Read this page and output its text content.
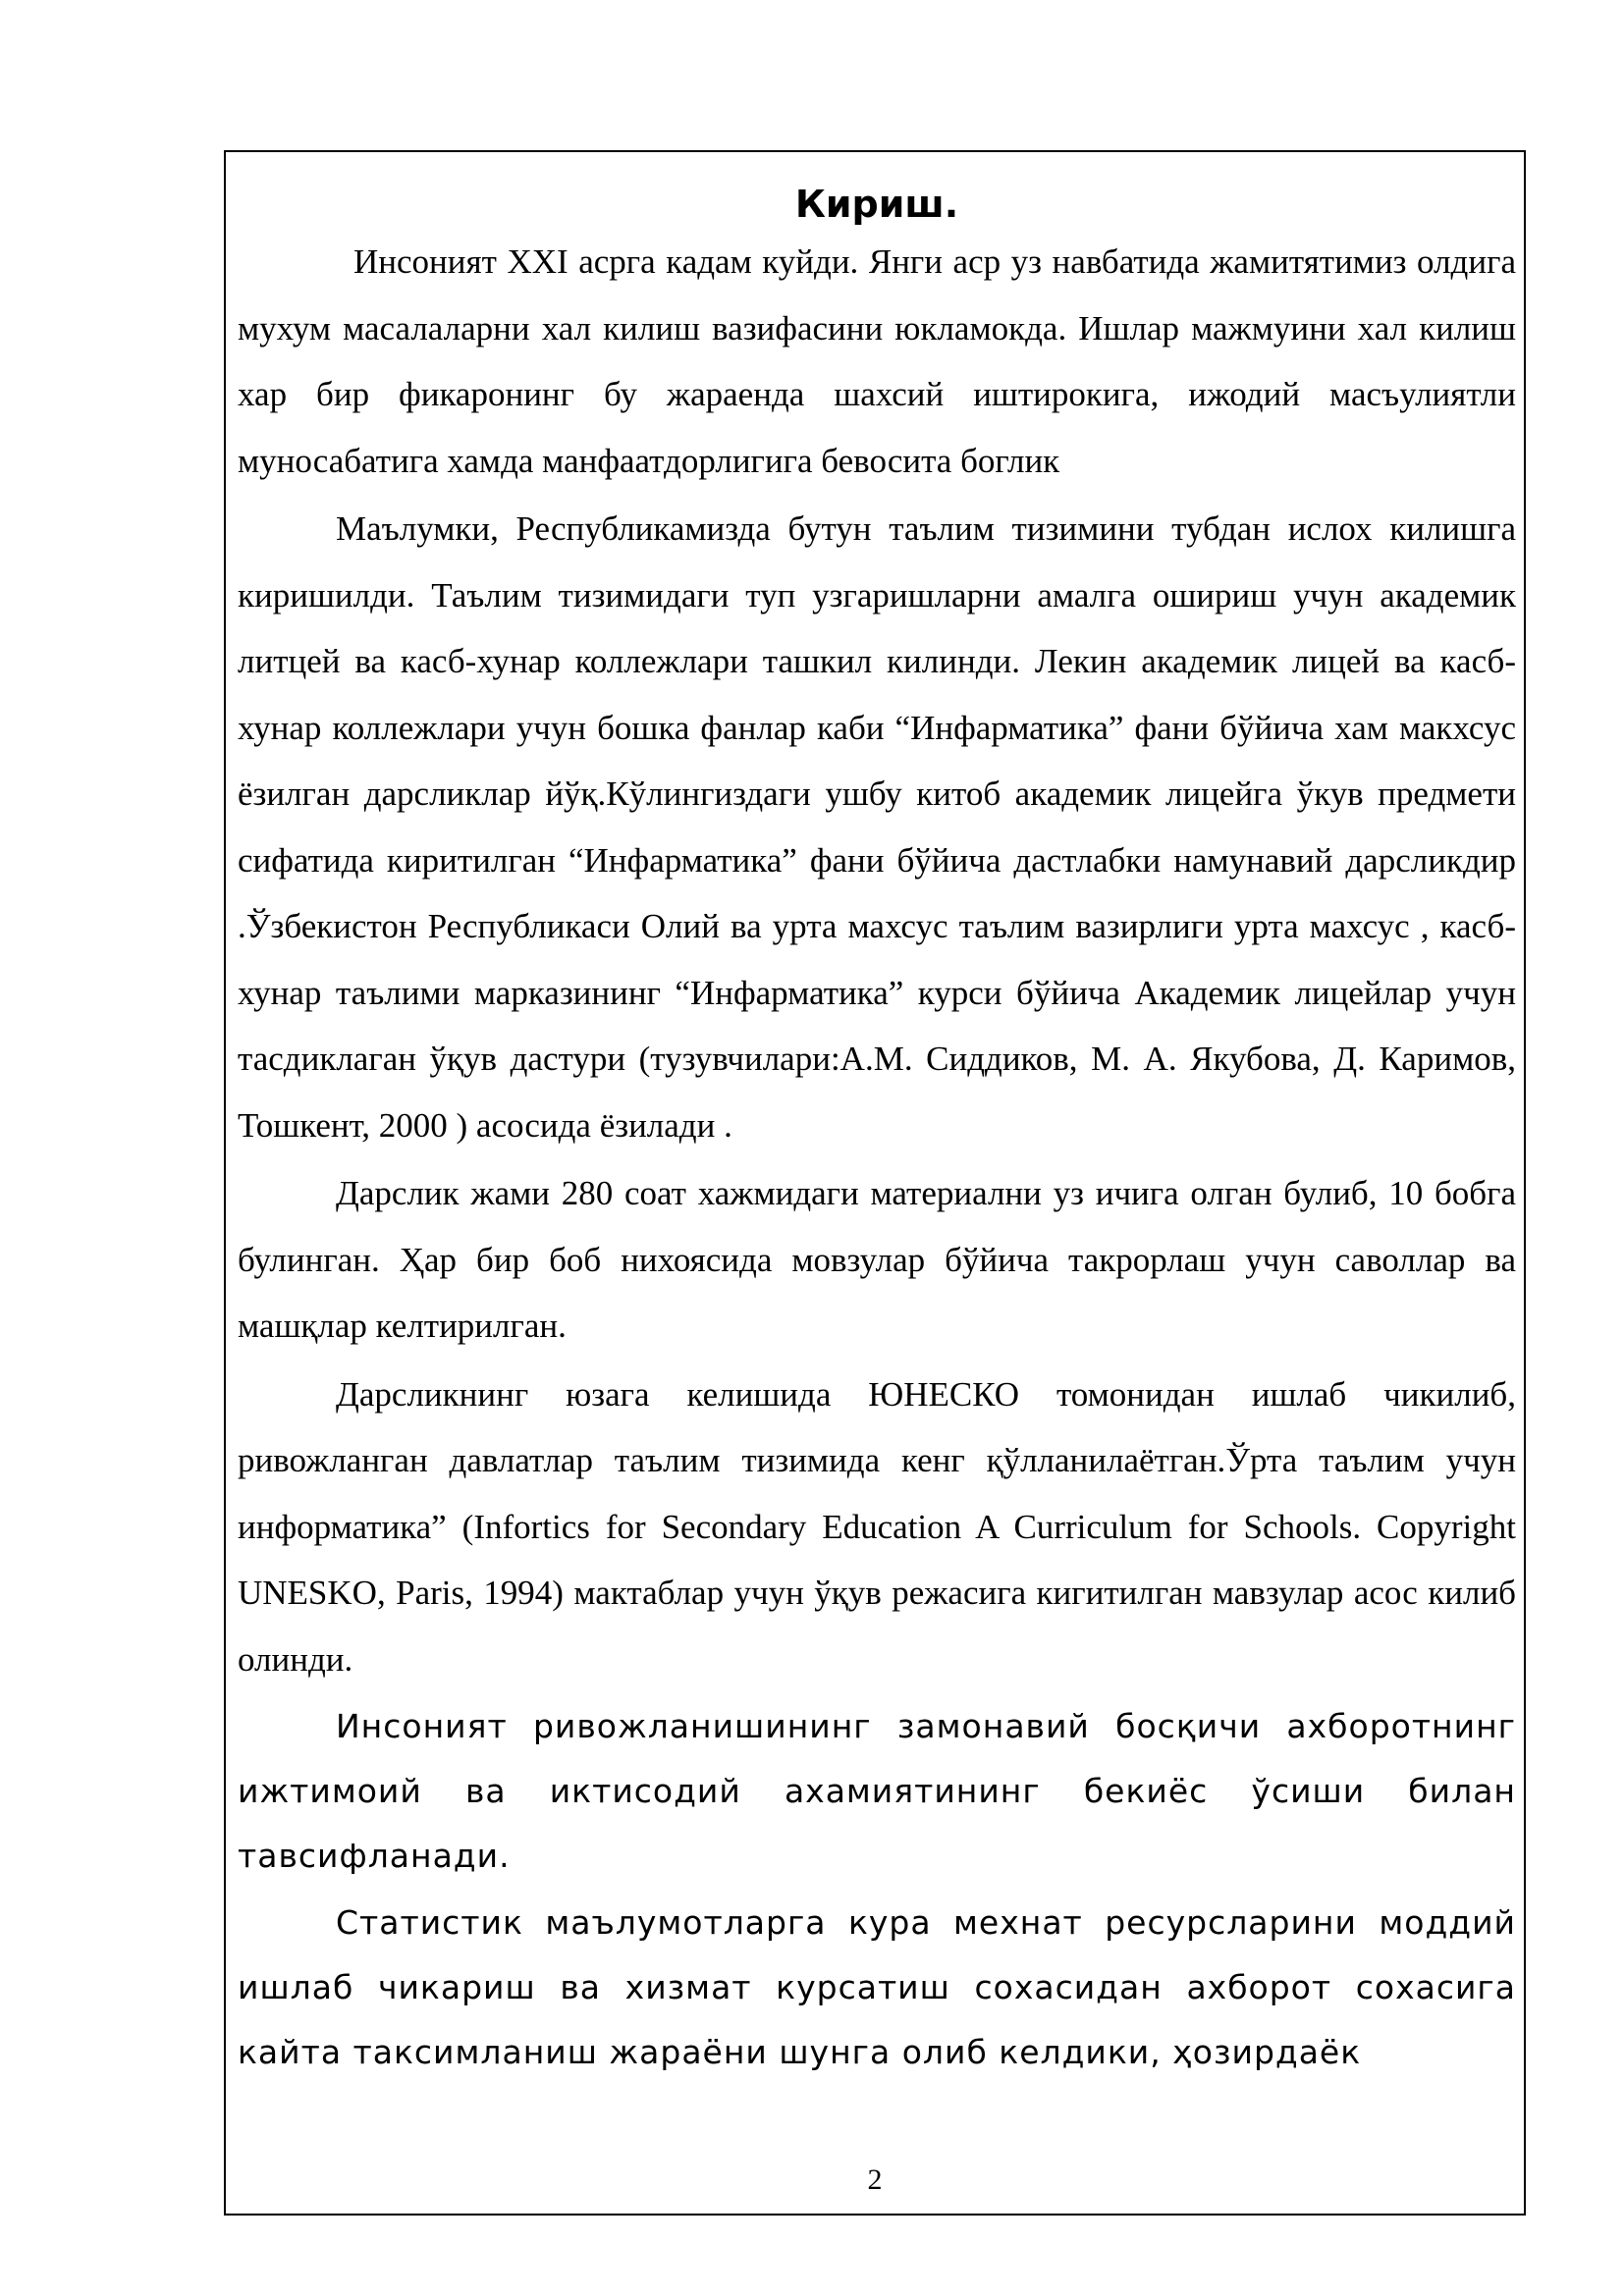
Кириш.

Инсоният XXI асрга кадам куйди. Янги аср уз навбатида жамитятимиз олдига мухум масалаларни хал килиш вазифасини юкламокда. Ишлар мажмуини хал килиш хар бир фикаронинг бу жараенда шахсий иштирокига, ижодий масъулиятли муносабатига хамда манфаатдорлигига бевосита боглик

Маълумки, Республикамизда бутун таълим тизимини тубдан ислох килишга киришилди. Таълим тизимидаги туп узгаришларни амалга ошириш учун академик литцей ва касб-хунар коллежлари ташкил килинди. Лекин академик лицей ва касб-хунар коллежлари учун бошка фанлар каби “Инфарматика” фани бўйича хам макхсус ёзилган дарсликлар йўқ.Кўлингиздаги ушбу китоб академик лицейга ўкув предмети сифатида киритилган “Инфарматика” фани бўйича дастлабки намунавий дарсликдир .Ўзбекистон Республикаси Олий ва урта махсус таълим вазирлиги урта махсус , касб-хунар таълими марказининг “Инфарматика” курси бўйича Академик лицейлар учун тасдиклаган ўқув дастури (тузувчилари:А.М. Сиддиков, М. А. Якубова, Д. Каримов, Тошкент, 2000 ) асосида ёзилади .

Дарслик жами 280 соат хажмидаги материални уз ичига олган булиб, 10 бобга булинган. Ҳар бир боб нихоясида мовзулар бўйича такрорлаш учун саволлар ва машқлар келтирилган.

Дарсликнинг юзага келишида ЮНЕСКО томонидан ишлаб чикилиб, ривожланган давлатлар таълим тизимида кенг қўлланилаётган.Ўрта таълим учун информатика” (Infortics for Secondary Education A Curriculum for Schools. Copyright UNESKO, Paris, 1994) мактаблар учун ўқув режасига кигитилган мавзулар асос килиб олинди.

Инсоният ривожланишининг замонавий босқичи ахборотнинг ижтимоий ва иктисодий ахамиятининг бекиёс ўсиши билан тавсифланади.

Статистик маълумотларга кура мехнат ресурсларини моддий ишлаб чикариш ва хизмат курсатиш сохасидан ахборот сохасига кайта таксимланиш жараёни шунга олиб келдики, ҳозирдаёк

2
